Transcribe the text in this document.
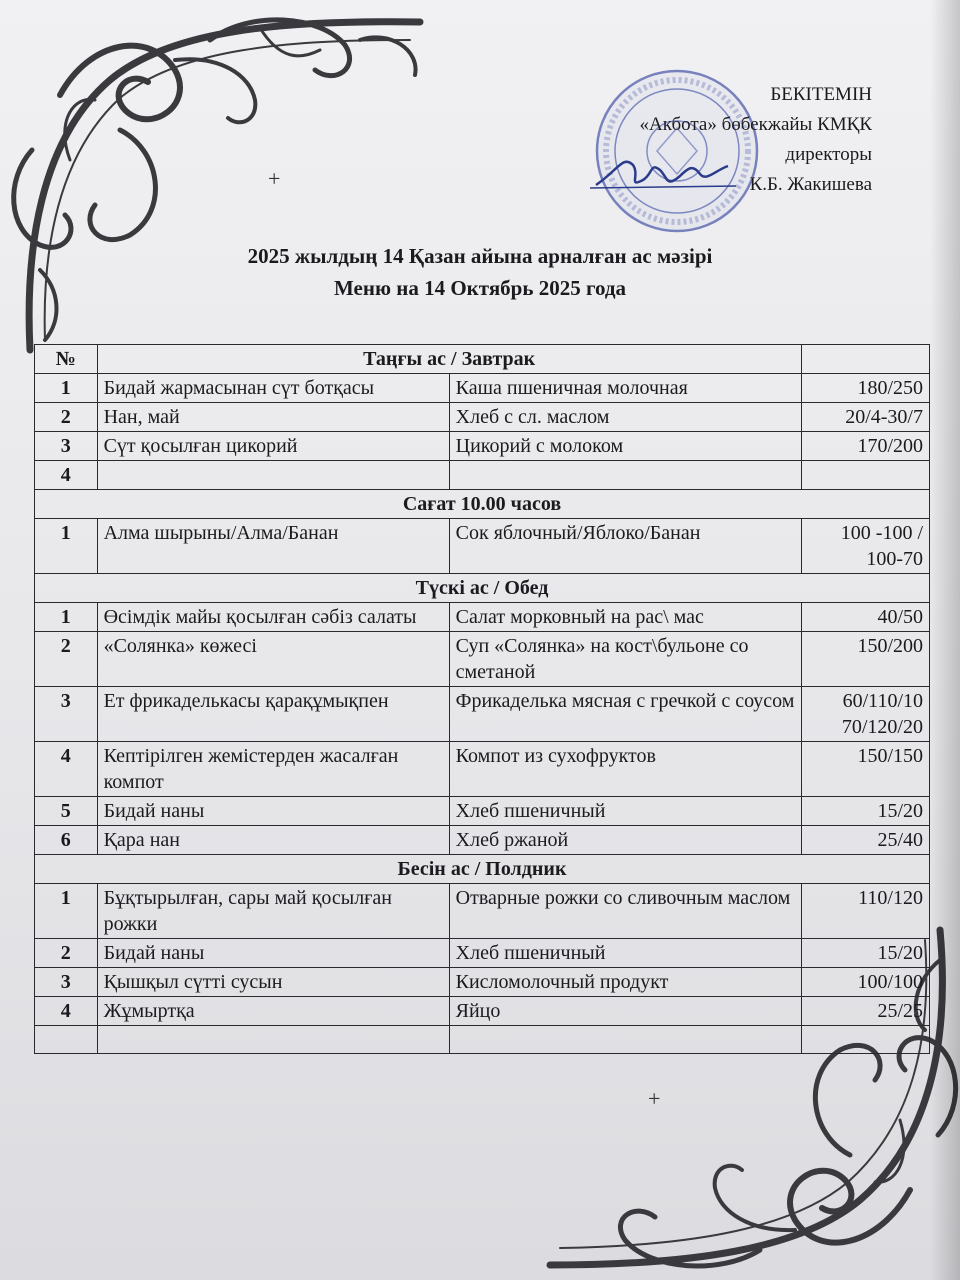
БЕКІТЕМІН
«Акбота» бөбекжайы КМҚК
директоры
К.Б. Жакишева
+
+
2025 жылдың 14 Қазан айына арналған ас мәзірі
Меню на 14 Октябрь 2025 года
№	Таңғы ас / Завтрак		
1	Бидай жармасынан сүт ботқасы	Каша пшеничная молочная	180/250
2	Нан, май	Хлеб с сл. маслом	20/4-30/7
3	Сүт қосылған цикорий	Цикорий с молоком	170/200
4			
Сағат 10.00 часов			
1	Алма шырыны/Алма/Банан	Сок яблочный/Яблоко/Банан	100 -100 / 100-70
Түскі ас / Обед			
1	Өсімдік майы қосылған сәбіз салаты	Салат морковный на рас\ мас	40/50
2	«Солянка» көжесі	Суп «Солянка» на кост\бульоне со сметаной	150/200
3	Ет фрикаделькасы қарақұмықпен	Фрикаделька мясная с гречкой с соусом	60/110/10 70/120/20
4	Кептірілген жемістерден жасалған компот	Компот из сухофруктов	150/150
5	Бидай наны	Хлеб пшеничный	15/20
6	Қара нан	Хлеб ржаной	25/40
Бесін ас / Полдник			
1	Бұқтырылған, сары май қосылған рожки	Отварные рожки со сливочным маслом	110/120
2	Бидай наны	Хлеб пшеничный	15/20
3	Қышқыл сүтті сусын	Кисломолочный продукт	100/100
4	Жұмыртқа	Яйцо	25/25
